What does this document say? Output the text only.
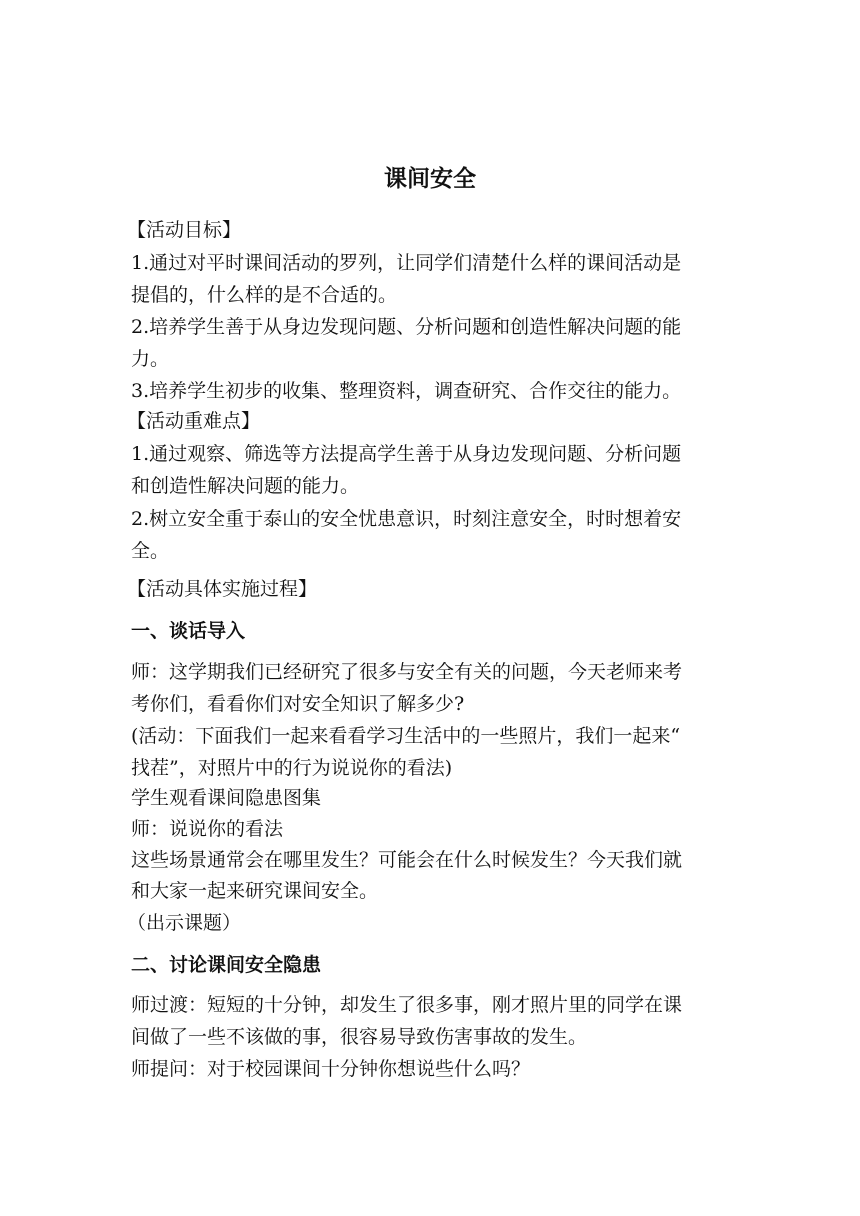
课间安全
【活动目标】
1.通过对平时课间活动的罗列，让同学们清楚什么样的课间活动是
提倡的，什么样的是不合适的。
2.培养学生善于从身边发现问题、分析问题和创造性解决问题的能
力。
3.培养学生初步的收集、整理资料，调查研究、合作交往的能力。
【活动重难点】
1.通过观察、筛选等方法提高学生善于从身边发现问题、分析问题
和创造性解决问题的能力。
2.树立安全重于泰山的安全忧患意识，时刻注意安全，时时想着安
全。
【活动具体实施过程】
一、谈话导入
师：这学期我们已经研究了很多与安全有关的问题，今天老师来考
考你们，看看你们对安全知识了解多少?
(活动：下面我们一起来看看学习生活中的一些照片，我们一起来“
找茬”，对照片中的行为说说你的看法)
学生观看课间隐患图集
师：说说你的看法
这些场景通常会在哪里发生？可能会在什么时候发生？今天我们就
和大家一起来研究课间安全。
（出示课题）
二、讨论课间安全隐患
师过渡：短短的十分钟，却发生了很多事，刚才照片里的同学在课
间做了一些不该做的事，很容易导致伤害事故的发生。
师提问：对于校园课间十分钟你想说些什么吗？
